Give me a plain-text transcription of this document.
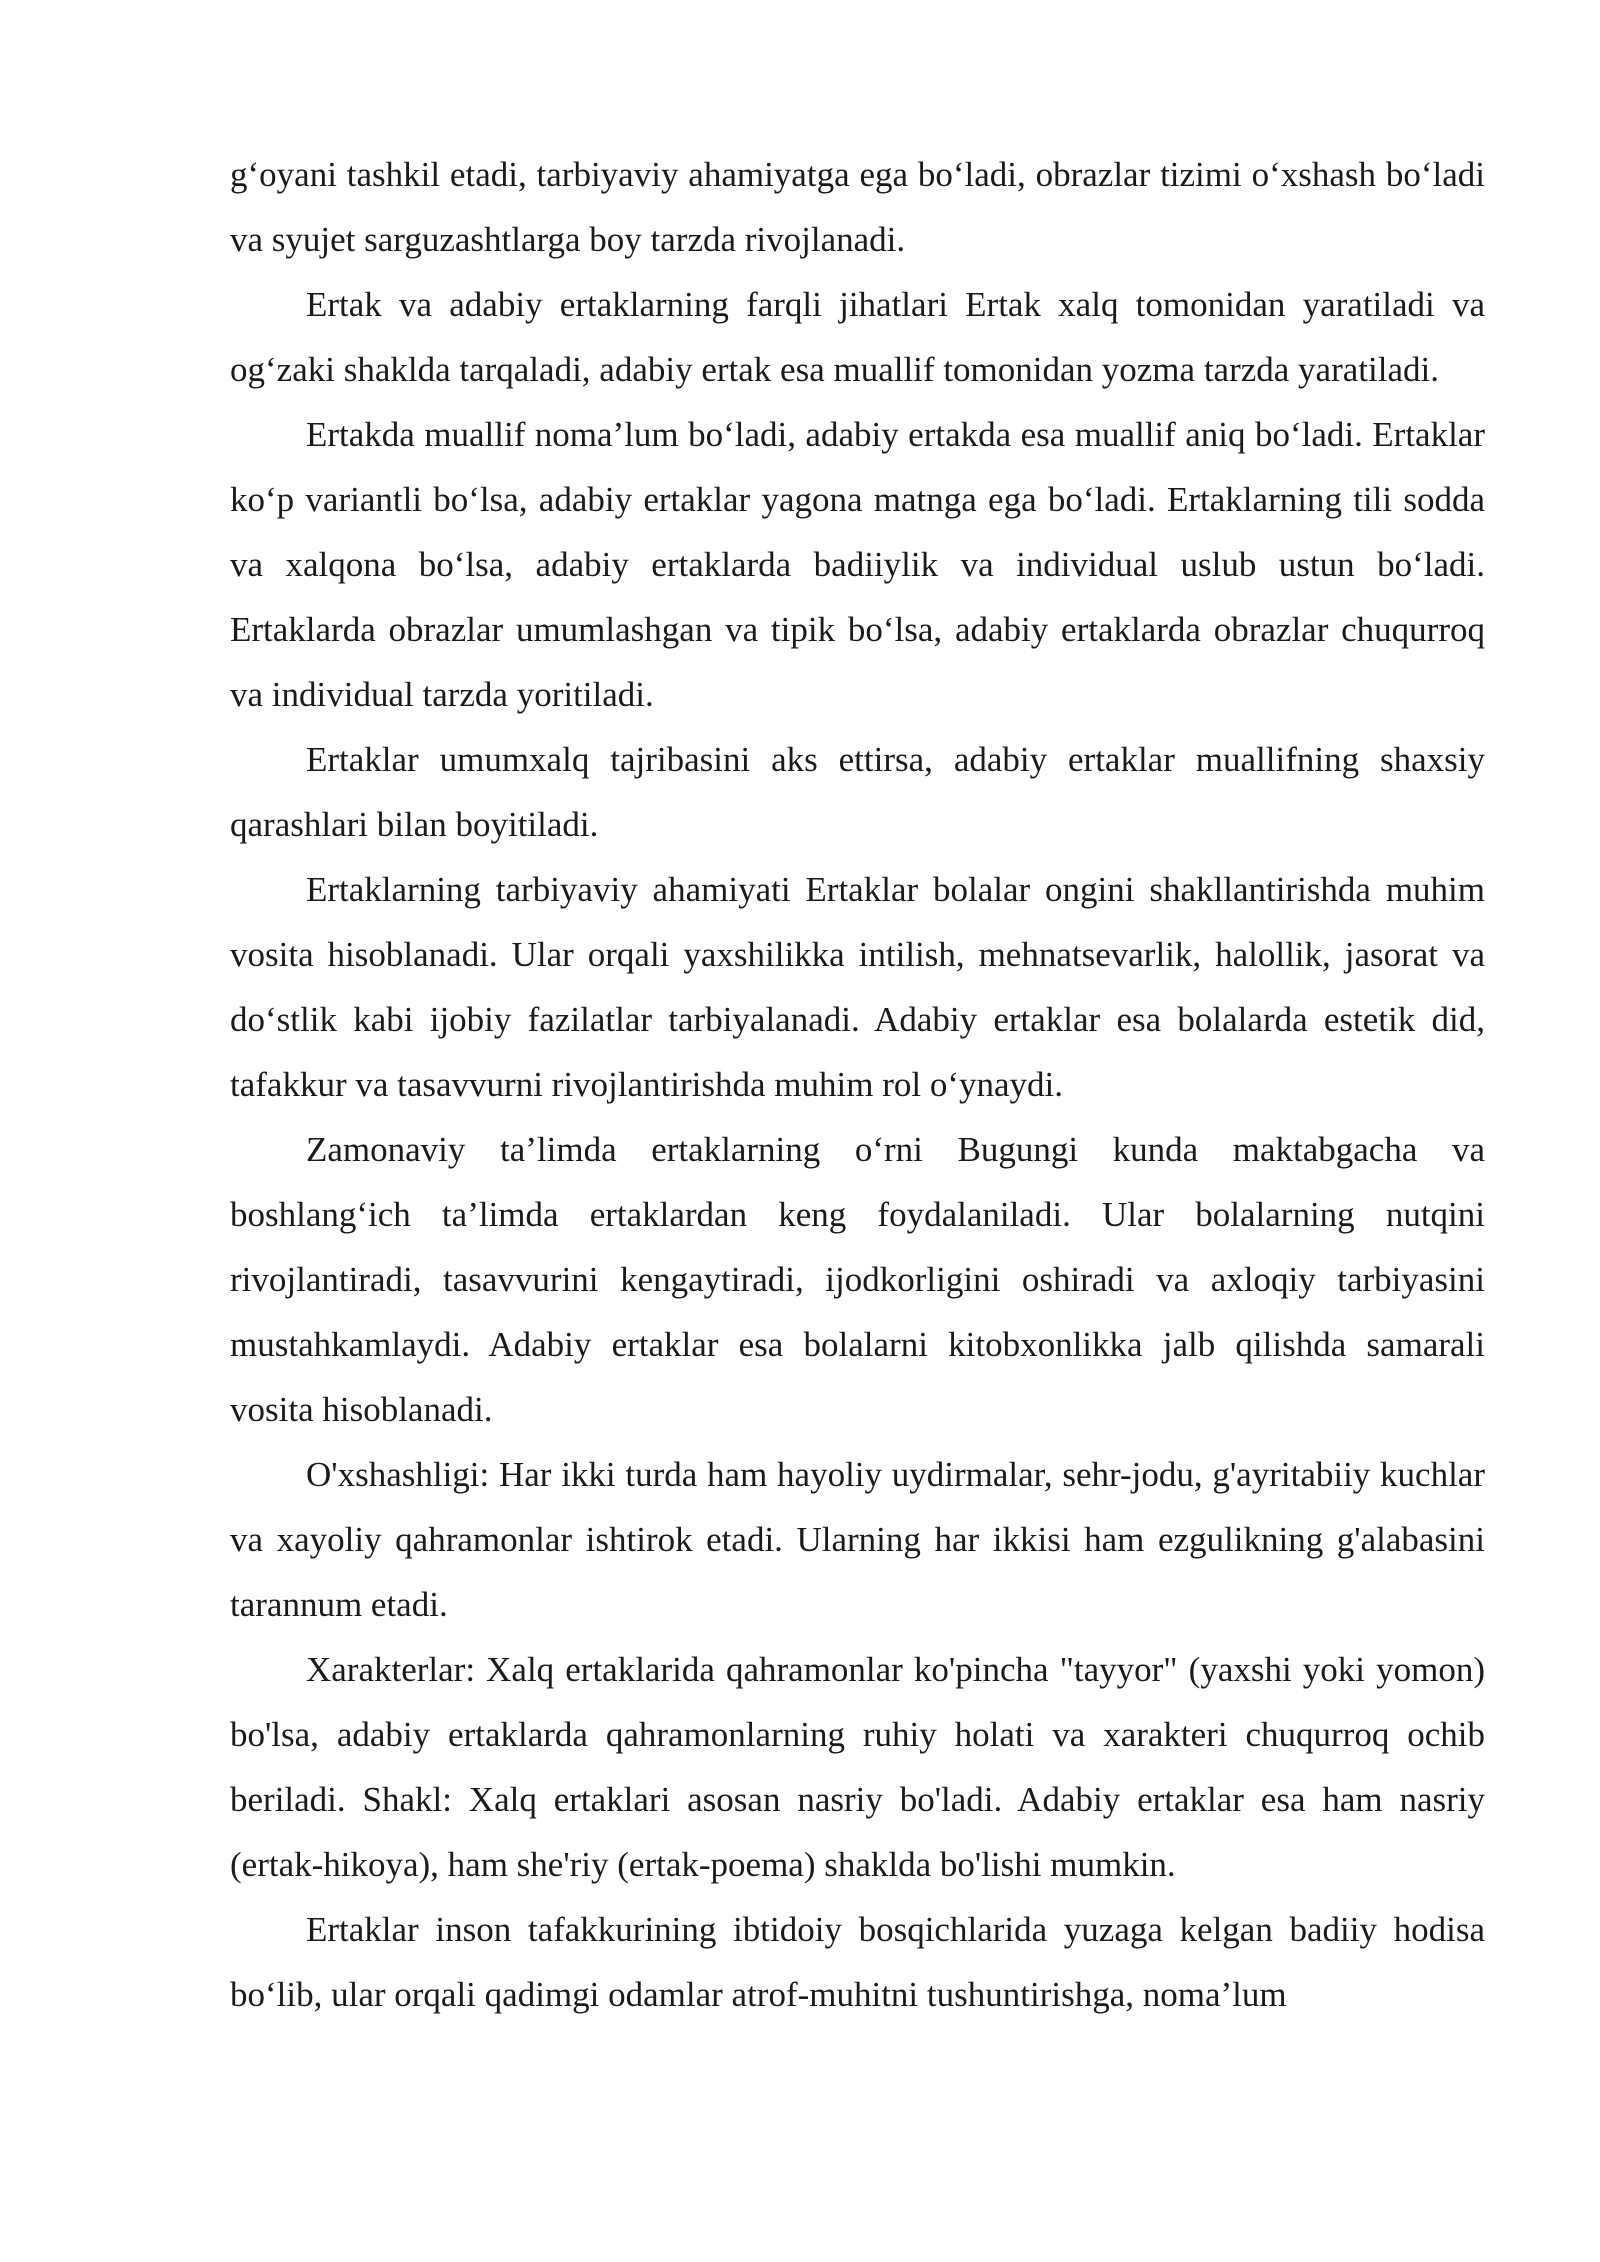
g‘oyani tashkil etadi, tarbiyaviy ahamiyatga ega bo‘ladi, obrazlar tizimi o‘xshash bo‘ladi va syujet sarguzashtlarga boy tarzda rivojlanadi.

Ertak va adabiy ertaklarning farqli jihatlari Ertak xalq tomonidan yaratiladi va og‘zaki shaklda tarqaladi, adabiy ertak esa muallif tomonidan yozma tarzda yaratiladi.

Ertakda muallif noma’lum bo‘ladi, adabiy ertakda esa muallif aniq bo‘ladi. Ertaklar ko‘p variantli bo‘lsa, adabiy ertaklar yagona matnga ega bo‘ladi. Ertaklarning tili sodda va xalqona bo‘lsa, adabiy ertaklarda badiiylik va individual uslub ustun bo‘ladi. Ertaklarda obrazlar umumlashgan va tipik bo‘lsa, adabiy ertaklarda obrazlar chuqurroq va individual tarzda yoritiladi.

Ertaklar umumxalq tajribasini aks ettirsa, adabiy ertaklar muallifning shaxsiy qarashlari bilan boyitiladi.

Ertaklarning tarbiyaviy ahamiyati Ertaklar bolalar ongini shakllantirishda muhim vosita hisoblanadi. Ular orqali yaxshilikka intilish, mehnatsevarlik, halollik, jasorat va do‘stlik kabi ijobiy fazilatlar tarbiyalanadi. Adabiy ertaklar esa bolalarda estetik did, tafakkur va tasavvurni rivojlantirishda muhim rol o‘ynaydi.

Zamonaviy ta’limda ertaklarning o‘rni Bugungi kunda maktabgacha va boshlang‘ich ta’limda ertaklardan keng foydalaniladi. Ular bolalarning nutqini rivojlantiradi, tasavvurini kengaytiradi, ijodkorligini oshiradi va axloqiy tarbiyasini mustahkamlaydi. Adabiy ertaklar esa bolalarni kitobxonlikka jalb qilishda samarali vosita hisoblanadi.

O'xshashligi: Har ikki turda ham hayoliy uydirmalar, sehr-jodu, g'ayritabiiy kuchlar va xayoliy qahramonlar ishtirok etadi. Ularning har ikkisi ham ezgulikning g'alabasini tarannum etadi.

Xarakterlar: Xalq ertaklarida qahramonlar ko'pincha "tayyor" (yaxshi yoki yomon) bo'lsa, adabiy ertaklarda qahramonlarning ruhiy holati va xarakteri chuqurroq ochib beriladi. Shakl: Xalq ertaklari asosan nasriy bo'ladi. Adabiy ertaklar esa ham nasriy (ertak-hikoya), ham she'riy (ertak-poema) shaklda bo'lishi mumkin.

Ertaklar inson tafakkurining ibtidoiy bosqichlarida yuzaga kelgan badiiy hodisa bo‘lib, ular orqali qadimgi odamlar atrof-muhitni tushuntirishga, noma’lum
